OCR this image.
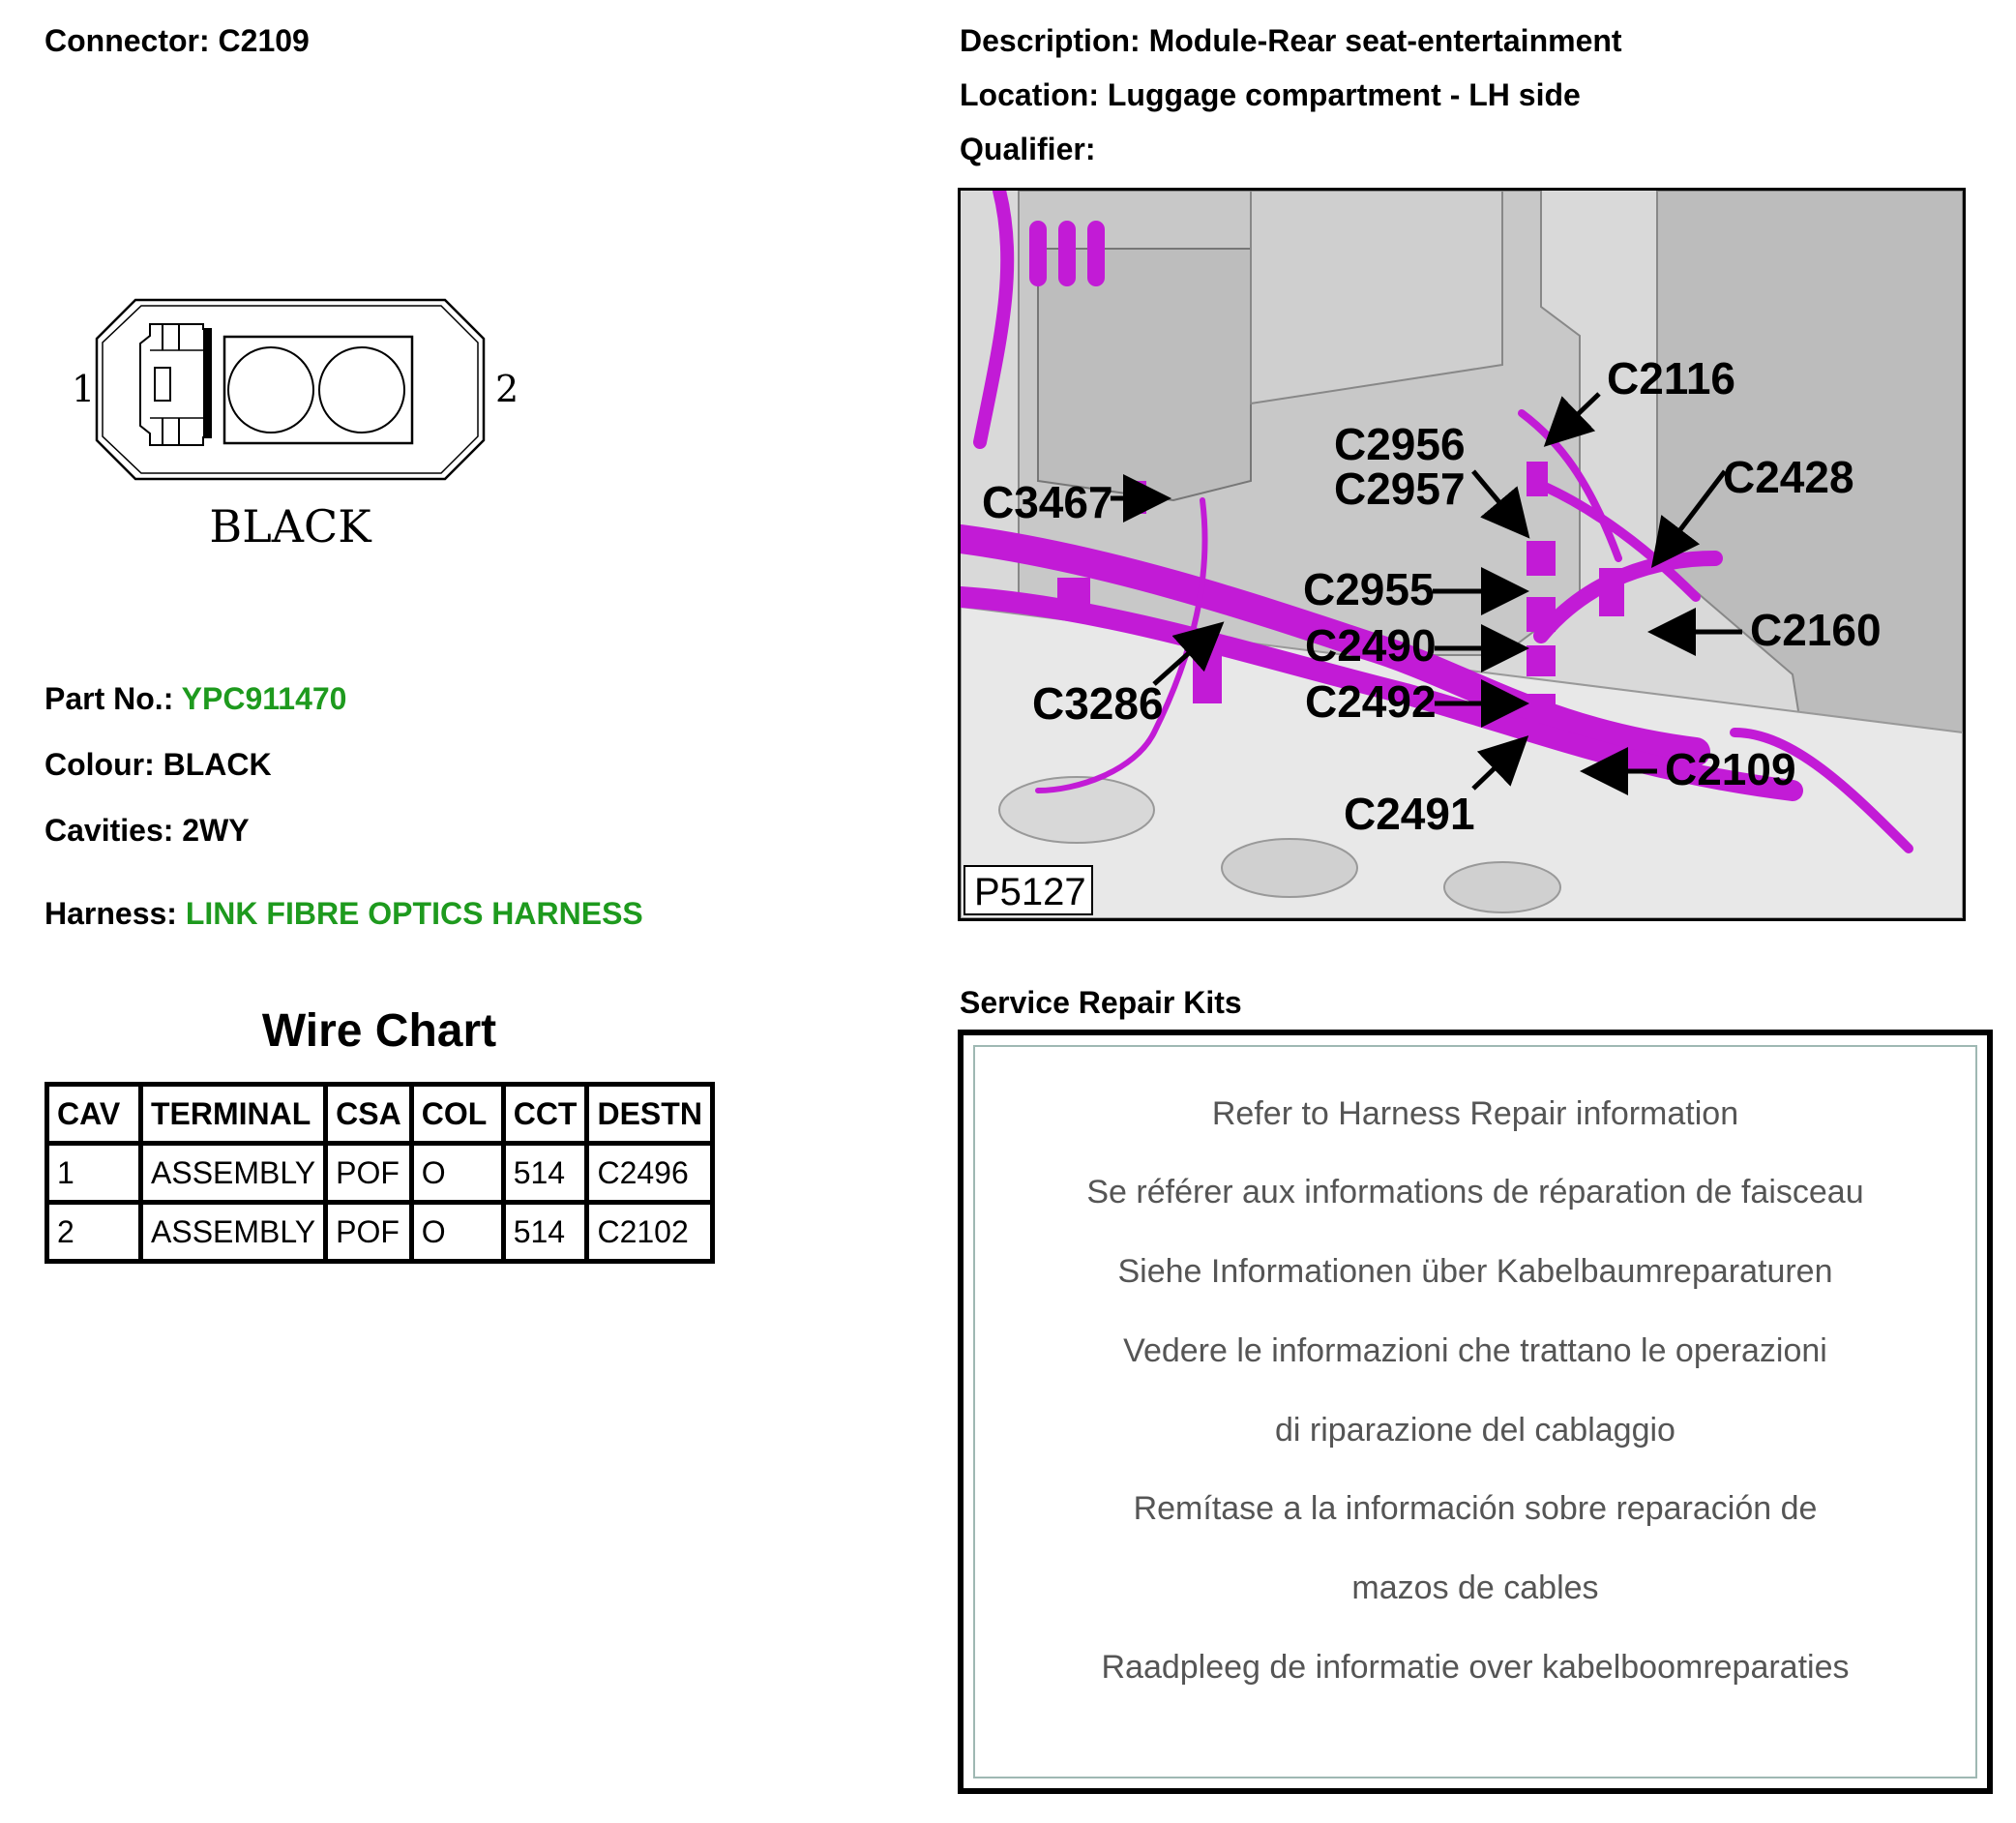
Connector: C2109	Description: Module-Rear seat-entertainment
Location: Luggage compartment - LH side
Qualifier:
1	2
BLACK
Part No.: YPC911470
Colour: BLACK
Cavities: 2WY
Harness: LINK FIBRE OPTICS HARNESS
Wire Chart
CAV	TERMINAL	CSA	COL	CCT	DESTN
1	ASSEMBLY	POF	O	514	C2496
2	ASSEMBLY	POF	O	514	C2102
C2116
C2956
C2957	C2428
C3467
C2955
C2160
C2490
C3286	C2492
C2109
C2491
P5127
Service Repair Kits
Refer to Harness Repair information
Se référer aux informations de réparation de faisceau
Siehe Informationen über Kabelbaumreparaturen
Vedere le informazioni che trattano le operazioni
di riparazione del cablaggio
Remítase a la información sobre reparación de
mazos de cables
Raadpleeg de informatie over kabelboomreparaties
